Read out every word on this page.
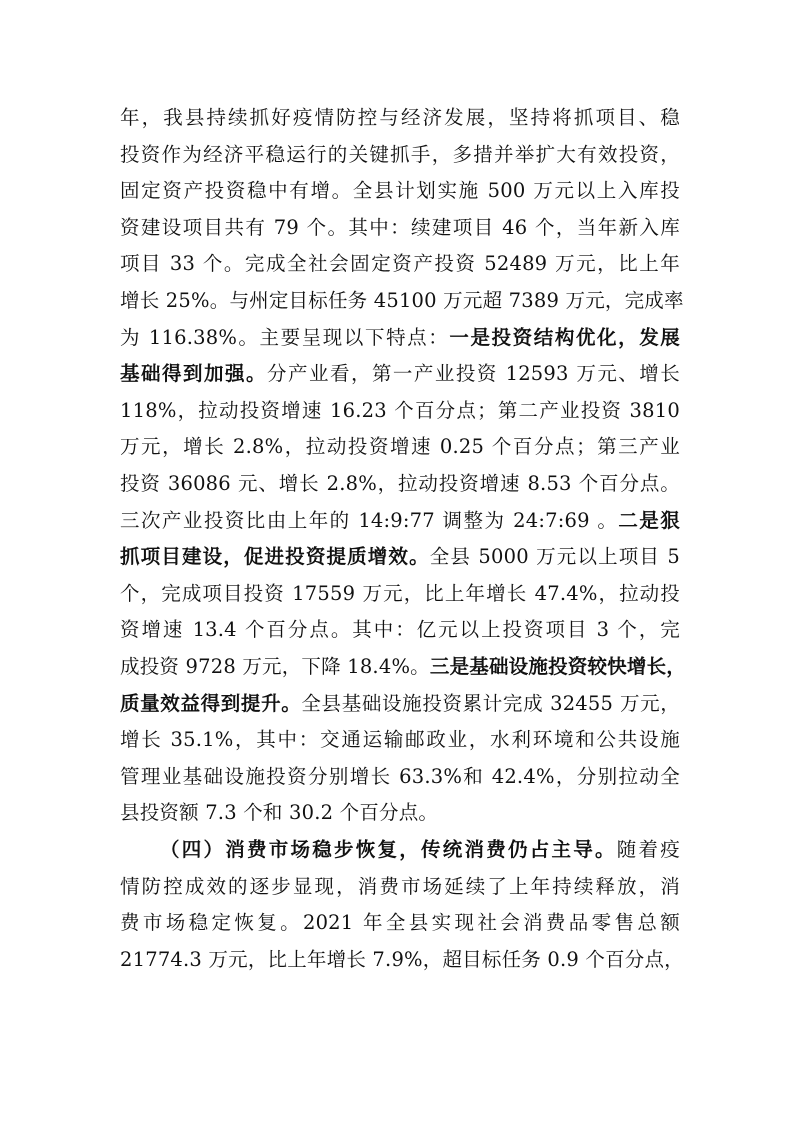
年，我县持续抓好疫情防控与经济发展，坚持将抓项目、稳
投资作为经济平稳运行的关键抓手，多措并举扩大有效投资，
固定资产投资稳中有增。全县计划实施 500 万元以上入库投
资建设项目共有 79 个。其中：续建项目 46 个，当年新入库
项目 33 个。完成全社会固定资产投资 52489 万元，比上年
增长 25%。与州定目标任务 45100 万元超 7389 万元，完成率
为 116.38%。主要呈现以下特点：一是投资结构优化，发展
基础得到加强。分产业看，第一产业投资 12593 万元、增长
118%，拉动投资增速 16.23 个百分点；第二产业投资 3810
万元，增长 2.8%，拉动投资增速 0.25 个百分点；第三产业
投资 36086 元、增长 2.8%，拉动投资增速 8.53 个百分点。
三次产业投资比由上年的 14:9:77 调整为 24:7:69 。二是狠
抓项目建设，促进投资提质增效。全县 5000 万元以上项目 5
个，完成项目投资 17559 万元，比上年增长 47.4%，拉动投
资增速 13.4 个百分点。其中：亿元以上投资项目 3 个，完
成投资 9728 万元，下降 18.4%。三是基础设施投资较快增长，
质量效益得到提升。全县基础设施投资累计完成 32455 万元，
增长 35.1%，其中：交通运输邮政业，水利环境和公共设施
管理业基础设施投资分别增长 63.3%和 42.4%，分别拉动全
县投资额 7.3 个和 30.2 个百分点。
（四）消费市场稳步恢复，传统消费仍占主导。随着疫
情防控成效的逐步显现，消费市场延续了上年持续释放，消
费市场稳定恢复。2021 年全县实现社会消费品零售总额
21774.3 万元，比上年增长 7.9%，超目标任务 0.9 个百分点，
